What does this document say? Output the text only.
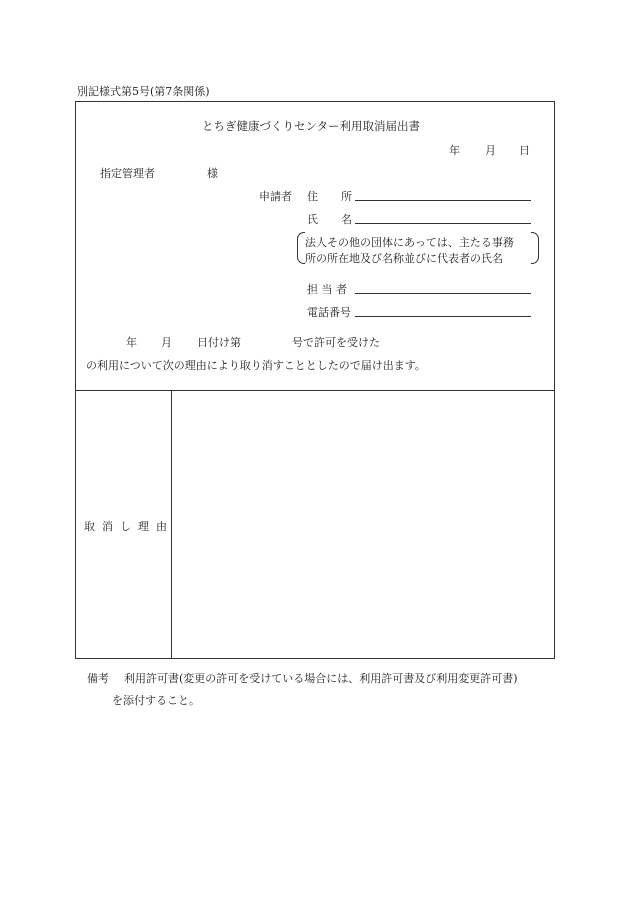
別記様式第5号(第7条関係)
とちぎ健康づくりセンター利用取消届出書
年 月 日
指定管理者	様
申請者 住 所
氏 名
法人その他の団体にあっては、主たる事務
所の所在地及び名称並びに代表者の氏名
担 当 者
電話番号
年 月 日付け第	号で許可を受けた
の利用について次の理由により取り消すこととしたので届け出ます。
取消し理由
備考 利用許可書(変更の許可を受けている場合には、利用許可書及び利用変更許可書)
を添付すること。
